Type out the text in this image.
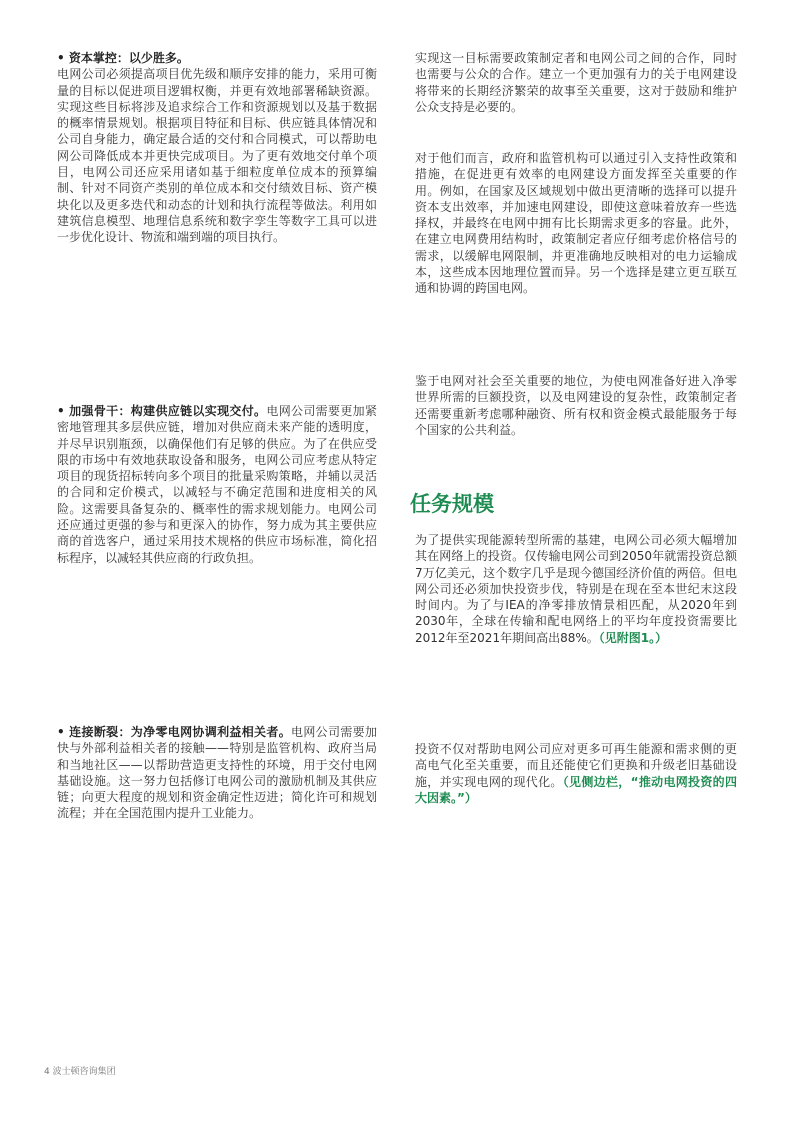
• 资本掌控：以少胜多。

电网公司必须提高项目优先级和顺序安排的能力，采用可衡量的目标以促进项目逻辑权衡，并更有效地部署稀缺资源。实现这些目标将涉及追求综合工作和资源规划以及基于数据的概率情景规划。根据项目特征和目标、供应链具体情况和公司自身能力，确定最合适的交付和合同模式，可以帮助电网公司降低成本并更快完成项目。为了更有效地交付单个项目，电网公司还应采用诸如基于细粒度单位成本的预算编制、针对不同资产类别的单位成本和交付绩效目标、资产模块化以及更多迭代和动态的计划和执行流程等做法。利用如建筑信息模型、地理信息系统和数字孪生等数字工具可以进一步优化设计、物流和端到端的项目执行。

• 加强骨干：构建供应链以实现交付。电网公司需要更加紧密地管理其多层供应链，增加对供应商未来产能的透明度，并尽早识别瓶颈，以确保他们有足够的供应。为了在供应受限的市场中有效地获取设备和服务，电网公司应考虑从特定项目的现货招标转向多个项目的批量采购策略，并辅以灵活的合同和定价模式，以减轻与不确定范围和进度相关的风险。这需要具备复杂的、概率性的需求规划能力。电网公司还应通过更强的参与和更深入的协作，努力成为其主要供应商的首选客户，通过采用技术规格的供应市场标准，简化招标程序，以减轻其供应商的行政负担。

• 连接断裂：为净零电网协调利益相关者。电网公司需要加快与外部利益相关者的接触——特别是监管机构、政府当局和当地社区——以帮助营造更支持性的环境，用于交付电网基础设施。这一努力包括修订电网公司的激励机制及其供应链；向更大程度的规划和资金确定性迈进；简化许可和规划流程；并在全国范围内提升工业能力。

实现这一目标需要政策制定者和电网公司之间的合作，同时也需要与公众的合作。建立一个更加强有力的关于电网建设将带来的长期经济繁荣的故事至关重要，这对于鼓励和维护公众支持是必要的。
对于他们而言，政府和监管机构可以通过引入支持性政策和措施，在促进更有效率的电网建设方面发挥至关重要的作用。例如，在国家及区域规划中做出更清晰的选择可以提升资本支出效率，并加速电网建设，即使这意味着放弃一些选择权，并最终在电网中拥有比长期需求更多的容量。此外，在建立电网费用结构时，政策制定者应仔细考虑价格信号的需求，以缓解电网限制，并更准确地反映相对的电力运输成本，这些成本因地理位置而异。另一个选择是建立更互联互通和协调的跨国电网。
鉴于电网对社会至关重要的地位，为使电网准备好进入净零世界所需的巨额投资，以及电网建设的复杂性，政策制定者还需要重新考虑哪种融资、所有权和资金模式最能服务于每个国家的公共利益。
任务规模
为了提供实现能源转型所需的基建，电网公司必须大幅增加其在网络上的投资。仅传输电网公司到2050年就需投资总额7万亿美元，这个数字几乎是现今德国经济价值的两倍。但电网公司还必须加快投资步伐，特别是在现在至本世纪末这段时间内。为了与IEA的净零排放情景相匹配，从2020年到2030年，全球在传输和配电网络上的平均年度投资需要比2012年至2021年期间高出88%。（见附图1。）
投资不仅对帮助电网公司应对更多可再生能源和需求侧的更高电气化至关重要，而且还能使它们更换和升级老旧基础设施，并实现电网的现代化。（见侧边栏，“推动电网投资的四大因素。”）
4 波士顿咨询集团
